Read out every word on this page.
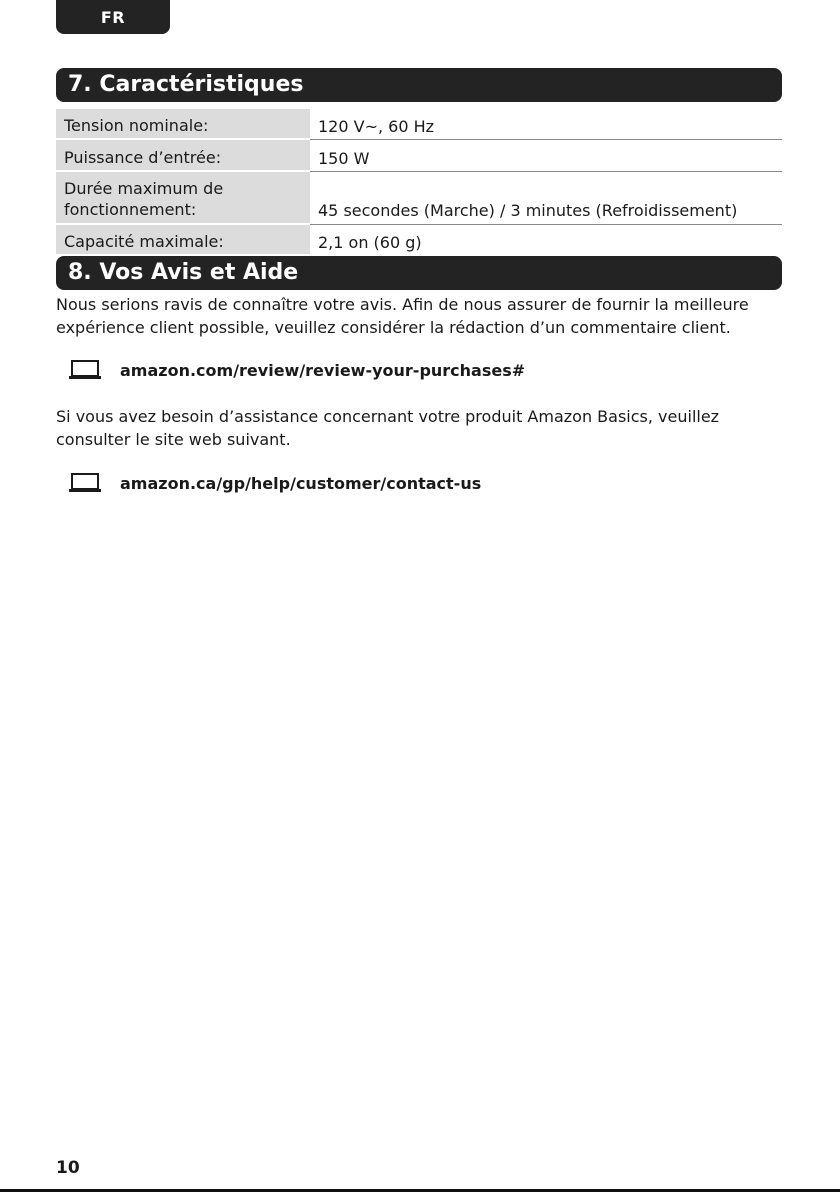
FR
7. Caractéristiques
Tension nominale:	120 V~, 60 Hz
Puissance d’entrée:	150 W
Durée maximum de fonctionnement:	45 secondes (Marche) / 3 minutes (Refroidissement)
Capacité maximale:	2,1 on (60 g)
8. Vos Avis et Aide

Nous serions ravis de connaître votre avis. Afin de nous assurer de fournir la meilleure expérience client possible, veuillez considérer la rédaction d’un commentaire client.

amazon.com/review/review-your-purchases#

Si vous avez besoin d’assistance concernant votre produit Amazon Basics, veuillez consulter le site web suivant.

amazon.ca/gp/help/customer/contact-us
10
